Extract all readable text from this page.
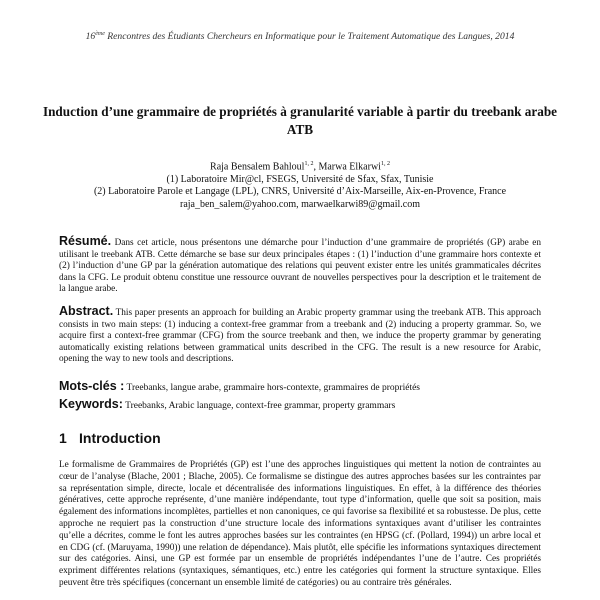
16ème Rencontres des Étudiants Chercheurs en Informatique pour le Traitement Automatique des Langues, 2014
Induction d’une grammaire de propriétés à granularité variable à partir du treebank arabe ATB
Raja Bensalem Bahloul$^{1, 2}$, Marwa Elkarwi$^{1, 2}$
(1) Laboratoire Mir@cl, FSEGS, Université de Sfax, Sfax, Tunisie
(2) Laboratoire Parole et Langage (LPL), CNRS, Université d’Aix-Marseille, Aix-en-Provence, France
raja_ben_salem@yahoo.com, marwaelkarwi89@gmail.com
Résumé. Dans cet article, nous présentons une démarche pour l’induction d’une grammaire de propriétés (GP) arabe en utilisant le treebank ATB. Cette démarche se base sur deux principales étapes : (1) l’induction d’une grammaire hors contexte et (2) l’induction d’une GP par la génération automatique des relations qui peuvent exister entre les unités grammaticales décrites dans la CFG. Le produit obtenu constitue une ressource ouvrant de nouvelles perspectives pour la description et le traitement de la langue arabe.
Abstract. This paper presents an approach for building an Arabic property grammar using the treebank ATB. This approach consists in two main steps: (1) inducing a context-free grammar from a treebank and (2) inducing a property grammar. So, we acquire first a context-free grammar (CFG) from the source treebank and then, we induce the property grammar by generating automatically existing relations between grammatical units described in the CFG. The result is a new resource for Arabic, opening the way to new tools and descriptions.
Mots-clés : Treebanks, langue arabe, grammaire hors-contexte, grammaires de propriétés
Keywords: Treebanks, Arabic language, context-free grammar, property grammars
1 Introduction
Le formalisme de Grammaires de Propriétés (GP) est l’une des approches linguistiques qui mettent la notion de contraintes au cœur de l’analyse (Blache, 2001 ; Blache, 2005). Ce formalisme se distingue des autres approches basées sur les contraintes par sa représentation simple, directe, locale et décentralisée des informations linguistiques. En effet, à la différence des théories génératives, cette approche représente, d’une manière indépendante, tout type d’information, quelle que soit sa position, mais également des informations incomplètes, partielles et non canoniques, ce qui favorise sa flexibilité et sa robustesse. De plus, cette approche ne requiert pas la construction d’une structure locale des informations syntaxiques avant d’utiliser les contraintes qu’elle a décrites, comme le font les autres approches basées sur les contraintes (en HPSG (cf. (Pollard, 1994)) un arbre local et en CDG (cf. (Maruyama, 1990)) une relation de dépendance). Mais plutôt, elle spécifie les informations syntaxiques directement sur des catégories. Ainsi, une GP est formée par un ensemble de propriétés indépendantes l’une de l’autre. Ces propriétés expriment différentes relations (syntaxiques, sémantiques, etc.) entre les catégories qui forment la structure syntaxique. Elles peuvent être très spécifiques (concernant un ensemble limité de catégories) ou au contraire très générales.
